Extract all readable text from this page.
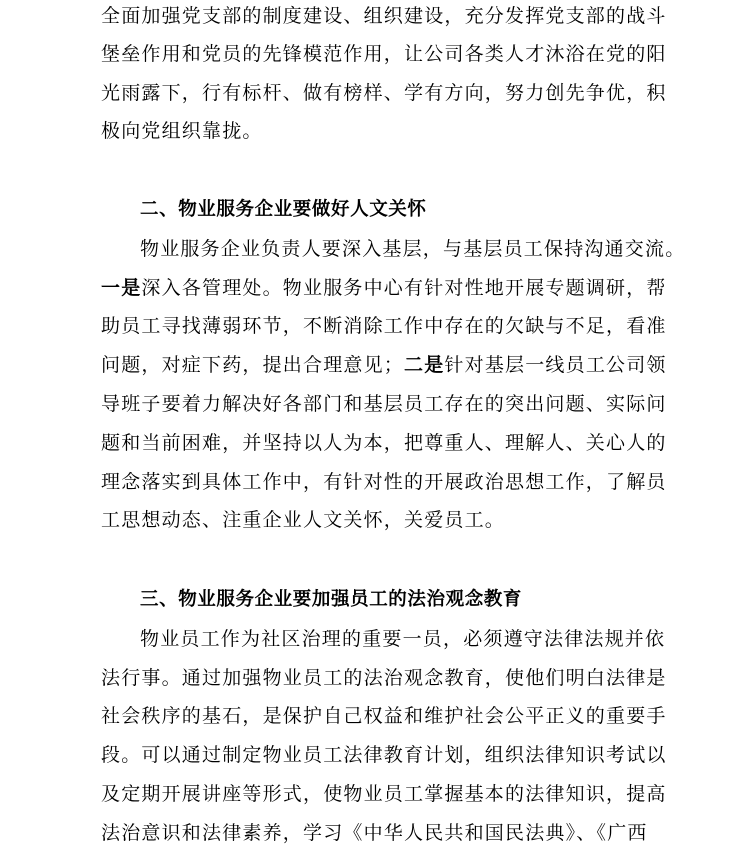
全面加强党支部的制度建设、组织建设，充分发挥党支部的战斗
堡垒作用和党员的先锋模范作用，让公司各类人才沐浴在党的阳
光雨露下，行有标杆、做有榜样、学有方向，努力创先争优，积
极向党组织靠拢。
二、物业服务企业要做好人文关怀
物业服务企业负责人要深入基层，与基层员工保持沟通交流。
一是深入各管理处。物业服务中心有针对性地开展专题调研，帮
助员工寻找薄弱环节，不断消除工作中存在的欠缺与不足，看准
问题，对症下药，提出合理意见；二是针对基层一线员工公司领
导班子要着力解决好各部门和基层员工存在的突出问题、实际问
题和当前困难，并坚持以人为本，把尊重人、理解人、关心人的
理念落实到具体工作中，有针对性的开展政治思想工作，了解员
工思想动态、注重企业人文关怀，关爱员工。
三、物业服务企业要加强员工的法治观念教育
物业员工作为社区治理的重要一员，必须遵守法律法规并依
法行事。通过加强物业员工的法治观念教育，使他们明白法律是
社会秩序的基石，是保护自己权益和维护社会公平正义的重要手
段。可以通过制定物业员工法律教育计划，组织法律知识考试以
及定期开展讲座等形式，使物业员工掌握基本的法律知识，提高
法治意识和法律素养，学习《中华人民共和国民法典》、《广西
